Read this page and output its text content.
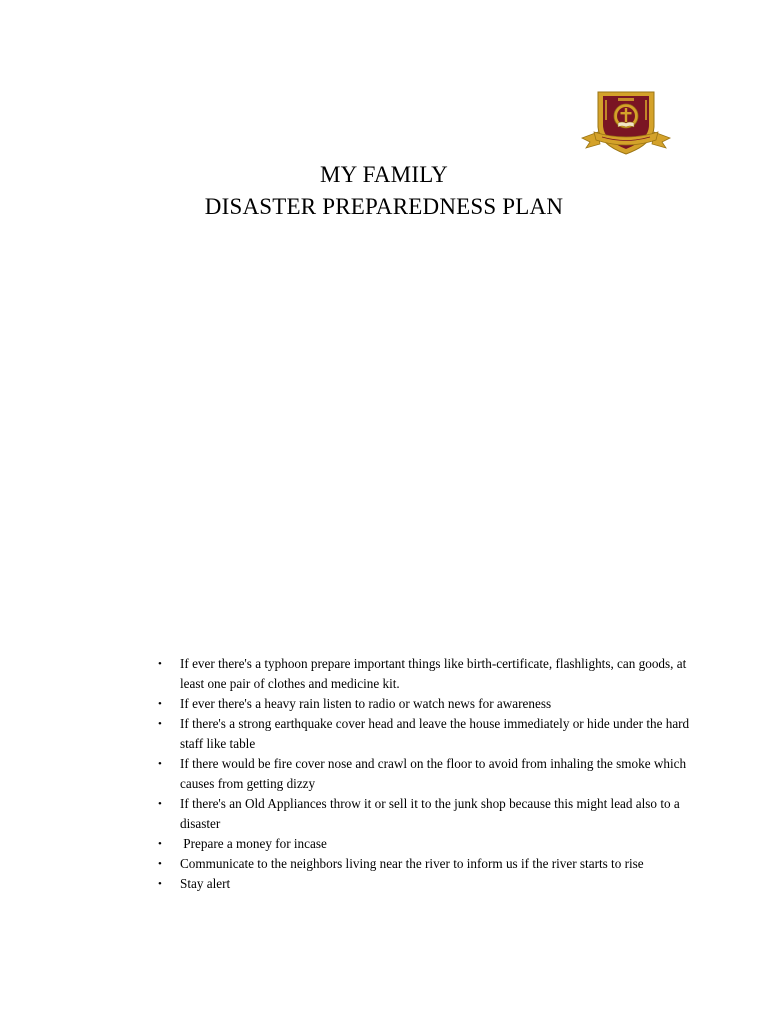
MY FAMILY
DISASTER PREPAREDNESS PLAN
• If ever there's a typhoon prepare important things like birth-certificate, flashlights, can goods, at least one pair of clothes and medicine kit.
• If ever there's a heavy rain listen to radio or watch news for awareness
• If there's a strong earthquake cover head and leave the house immediately or hide under the hard staff like table
• If there would be fire cover nose and crawl on the floor to avoid from inhaling the smoke which causes from getting dizzy
• If there's an Old Appliances throw it or sell it to the junk shop because this might lead also to a disaster
• Prepare a money for incase
• Communicate to the neighbors living near the river to inform us if the river starts to rise
• Stay alert
